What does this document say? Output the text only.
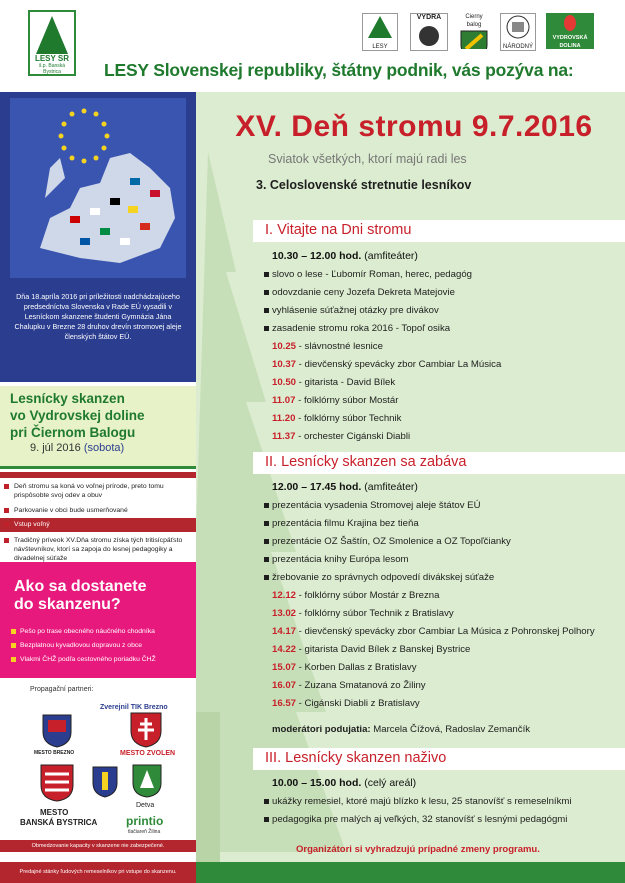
LESY SR
š.p. Banská Bystrica
LESY
VYDRA	Čierny balog
NÁRODNÝ
VYDROVSKÁ DOLINA
LESY Slovenskej republiky, štátny podnik, vás pozýva na:
Dňa 18.apríla 2016 pri príležitosti nadchádzajúceho predsedníctva Slovenska v Rade EÚ vysadili v Lesníckom skanzene študenti Gymnázia Jána Chalupku v Brezne 28 druhov drevín stromovej aleje členských štátov EÚ.
Lesnícky skanzen
vo Vydrovskej doline
pri Čiernom Balogu
9. júl 2016 (sobota)
Deň stromu sa koná vo voľnej prírode, preto tomu prispôsobte svoj odev a obuv
Parkovanie v obci bude usmerňované
Vstup voľný
Tradičný príveok XV.Dňa stromu získa tých tritisícpäťsto návštevníkov, ktorí sa zapoja do lesnej pedagogiky a divadelnej súťaže
Ako sa dostanete
do skanzenu?
Pešo po trase obecného náučného chodníka
Bezplatnou kyvadlovou dopravou z obce
Vlakmi ČHŽ podľa cestovného poriadku ČHŽ
Propagační partneri:
Zverejnil TIK Brezno
MESTO BREZNO	MESTO ZVOLEN
MESTO
BANSKÁ BYSTRICA
Detva
printio
tlačiareň Žilina
Obmedzovanie kapacity v skanzene nie zabezpečené.
Predajné stánky ľudových remeselníkov pri vstupe do skanzenu.
XV. Deň stromu 9.7.2016
Sviatok všetkých, ktorí majú radi les
3. Celoslovenské stretnutie lesníkov
I. Vitajte na Dni stromu
10.30 – 12.00 hod. (amfiteáter)
slovo o lese - Ľubomír Roman, herec, pedagóg
odovzdanie ceny Jozefa Dekreta Matejovie
vyhlásenie súťažnej otázky pre divákov
zasadenie stromu roka 2016 - Topoľ osika
10.25 - slávnostné lesnice
10.37 - dievčenský spevácky zbor Cambiar La Música
10.50 - gitarista - David Bílek
11.07 - folklórny súbor Mostár
11.20 - folklórny súbor Technik
11.37 - orchester Cigánski Diabli
II. Lesnícky skanzen sa zabáva
12.00 – 17.45 hod. (amfiteáter)
prezentácia vysadenia Stromovej aleje štátov EÚ
prezentácia filmu Krajina bez tieňa
prezentácie OZ Šaštín, OZ Smolenice a OZ Topoľčianky
prezentácia knihy Európa lesom
žrebovanie zo správnych odpovedí divákskej súťaže
12.12 - folklórny súbor Mostár z Brezna
13.02 - folklórny súbor Technik z Bratislavy
14.17 - dievčenský spevácky zbor Cambiar La Música z Pohronskej Polhory
14.22 - gitarista David Bílek z Banskej Bystrice
15.07 - Korben Dallas z Bratislavy
16.07 - Zuzana Smatanová zo Žiliny
16.57 - Cigánski Diabli z Bratislavy
moderátori podujatia: Marcela Čížová, Radoslav Zemančík
III. Lesnícky skanzen naživo
10.00 – 15.00 hod. (celý areál)
ukážky remesiel, ktoré majú blízko k lesu, 25 stanovíšť s remeselníkmi
pedagogika pre malých aj veľkých, 32 stanovíšť s lesnými pedagógmi
Organizátori si vyhradzujú prípadné zmeny programu.
